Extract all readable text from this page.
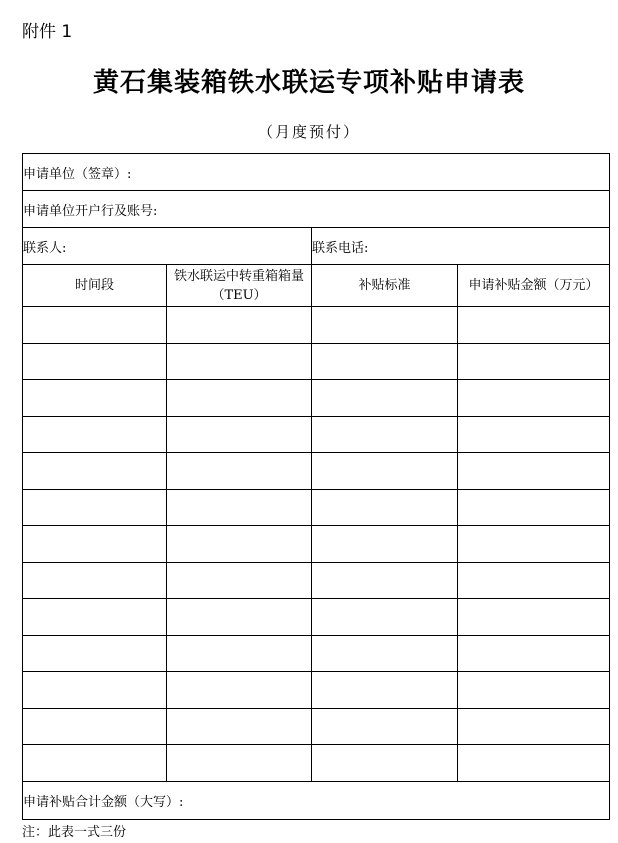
附件 1
黄石集装箱铁水联运专项补贴申请表
（月度预付）
申请单位（签章）:			
申请单位开户行及账号:			
联系人:		联系电话:	
时间段	铁水联运中转重箱箱量（TEU）	补贴标准	申请补贴金额（万元）

申请补贴合计金额（大写）:			
注：此表一式三份
